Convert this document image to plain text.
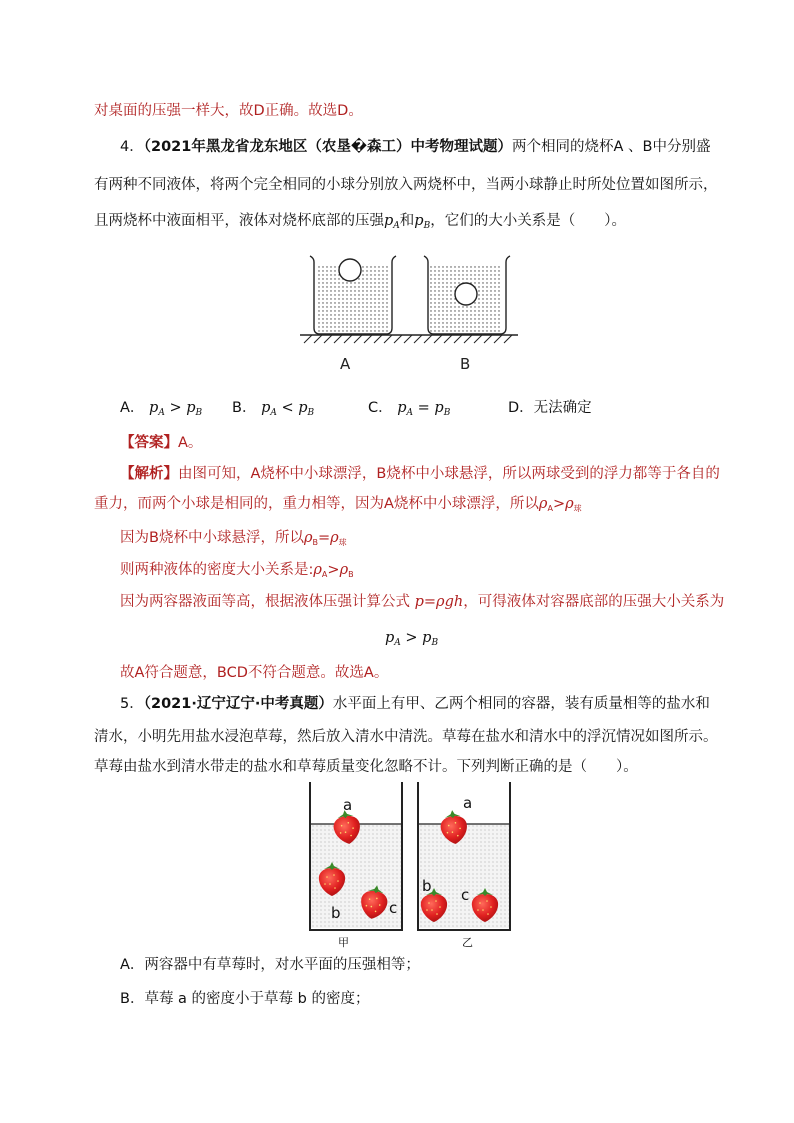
对桌面的压强一样大，故D正确。故选D。
4．（2021年黑龙省龙东地区（农垦�森工）中考物理试题）两个相同的烧杯A 、B中分别盛
有两种不同液体，将两个完全相同的小球分别放入两烧杯中，当两小球静止时所处位置如图所示，
且两烧杯中液面相平，液体对烧杯底部的压强$p_A$和$p_B$，它们的大小关系是（　　）。
A	B
A． $p_A > p_B$ B． $p_A < p_B$	C． $p_A = p_B$	D．无法确定
【答案】A。
【解析】由图可知，A烧杯中小球漂浮，B烧杯中小球悬浮，所以两球受到的浮力都等于各自的
重力，而两个小球是相同的，重力相等，因为A烧杯中小球漂浮，所以$\rho_A>\rho_球$
因为B烧杯中小球悬浮，所以$\rho_B=\rho_球$
则两种液体的密度大小关系是$:\rho_A>\rho_B$
因为两容器液面等高，根据液体压强计算公式 p=ρgh，可得液体对容器底部的压强大小关系为
$p_A > p_B$
故A符合题意，BCD不符合题意。故选A。
5．（2021·辽宁辽宁·中考真题）水平面上有甲、乙两个相同的容器，装有质量相等的盐水和
清水，小明先用盐水浸泡草莓，然后放入清水中清洗。草莓在盐水和清水中的浮沉情况如图所示。
草莓由盐水到清水带走的盐水和草莓质量变化忽略不计。下列判断正确的是（　　）。
a
b	c
a
b c
甲	乙
A．两容器中有草莓时，对水平面的压强相等；
B．草莓 a 的密度小于草莓 b 的密度；
